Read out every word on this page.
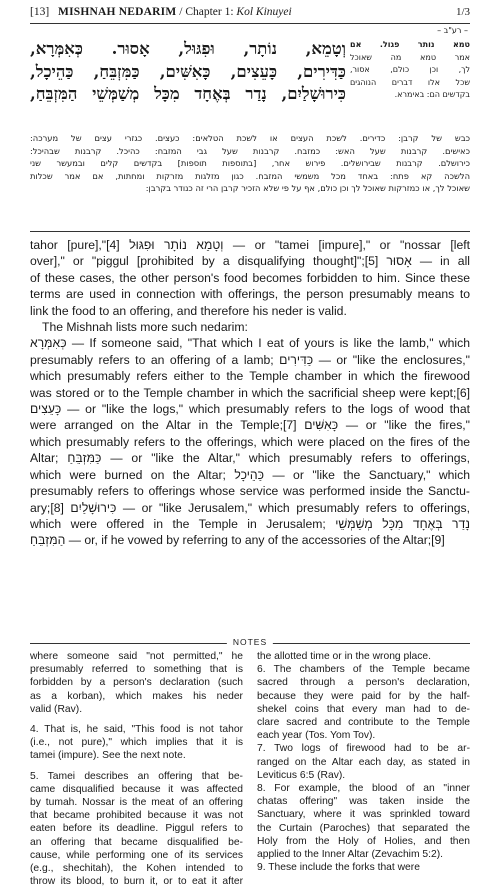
[13] MISHNAH NEDARIM / Chapter 1: Kol Kinuyei	1/3
– רע"ב –
וְטָמֵא, נוֹתָר, וּפִגּוּל, אָסוּר. כְּאִמְּרָא,
כַּדִּירִים, כָּעֵצִים, כָּאִשִּׁים, כַּמִּזְבֵּחַ, כַּהֵיכָל,
כִּירוּשָׁלַיִם, נָדַר בְּאֶחָד מִכָּל מְשַׁמְּשֵׁי הַמִּזְבֵּחַ,
טמא נותר פגול. אם
אמר טמא מה שאוכל
לך, וכן כולם, אסור,
שכל אלו דברים הנוהגים
בקדשים הם: באימרא.
כבש של קרבן: כדירים. לשכת העצים או לשכת הטלאים: כעצים. כגזרי עצים של מערכה:
כאישים. קרבנות שעל האש: כמזבח. קרבנות שעל גבי המזבח: כהיכל. קרבנות שבהיכל:
כירושלם. קרבנות שבירושלים. פירוש אחר, [בתוספות תוספות] בקדשים קלים ובמעשר שני
הלשכה קא פתח: באחד מכל משמשי המזבח. כגון מזלגות מזרקות ומחתות, אם אמר שכלות
שאוכל לך, או כמזרקות שאוכל לך וכן כולם, אף על פי שלא הזכיר קרבן הרי זה כנודר בקרבן:
tahor [pure],"[4] וְטָמֵא נוֹתָר וּפִגּוּל — or "tamei [impure]," or "nossar [left
over]," or "piggul [prohibited by a disqualifying thought]";[5] אָסוּר — in all
of these cases, the other person's food becomes forbidden to him. Since these
terms are used in connection with offerings, the person presumably means to
link the food to an offering, and therefore his neder is valid.
The Mishnah lists more such nedarim:
כְּאִמְּרָא — If someone said, "That which I eat of yours is like the lamb," which
presumably refers to an offering of a lamb; כַּדִּירִים — or "like the enclosures,"
which presumably refers either to the Temple chamber in which the firewood
was stored or to the Temple chamber in which the sacrificial sheep were kept;[6]
כָּעֵצִים — or "like the logs," which presumably refers to the logs of wood that
were arranged on the Altar in the Temple;[7] כָּאִשִּׁים — or "like the fires,"
which presumably refers to the offerings, which were placed on the fires of the
Altar; כַּמִּזְבֵּחַ — or "like the Altar," which presumably refers to offerings,
which were burned on the Altar; כַּהֵיכָל — or "like the Sanctuary," which
presumably refers to offerings whose service was performed inside the Sanctu-
ary;[8] כִּירוּשָׁלַיִם — or "like Jerusalem," which presumably refers to offerings,
which were offered in the Temple in Jerusalem; נָדַר בְּאֶחָד מִכָּל מְשַׁמְּשֵׁי
הַמִּזְבֵּחַ — or, if he vowed by referring to any of the accessories of the Altar;[9]
NOTES
where someone said "not permitted," he
presumably referred to something that is
forbidden by a person's declaration (such
as a korban), which makes his neder
valid (Rav).
4. That is, he said, "This food is not tahor
(i.e., not pure)," which implies that it is
tamei (impure). See the next note.
5. Tamei describes an offering that be-
came disqualified because it was affected
by tumah. Nossar is the meat of an offering
that became prohibited because it was not
eaten before its deadline. Piggul refers to
an offering that became disqualified be-
cause, while performing one of its services
(e.g., shechitah), the Kohen intended to
throw its blood, to burn it, or to eat it after
the allotted time or in the wrong place.
6. The chambers of the Temple became
sacred through a person's declaration,
because they were paid for by the half-
shekel coins that every man had to de-
clare sacred and contribute to the Temple
each year (Tos. Yom Tov).
7. Two logs of firewood had to be ar-
ranged on the Altar each day, as stated in
Leviticus 6:5 (Rav).
8. For example, the blood of an "inner
chatas offering" was taken inside the
Sanctuary, where it was sprinkled toward
the Curtain (Paroches) that separated the
Holy from the Holy of Holies, and then
applied to the Inner Altar (Zevachim 5:2).
9. These include the forks that were
